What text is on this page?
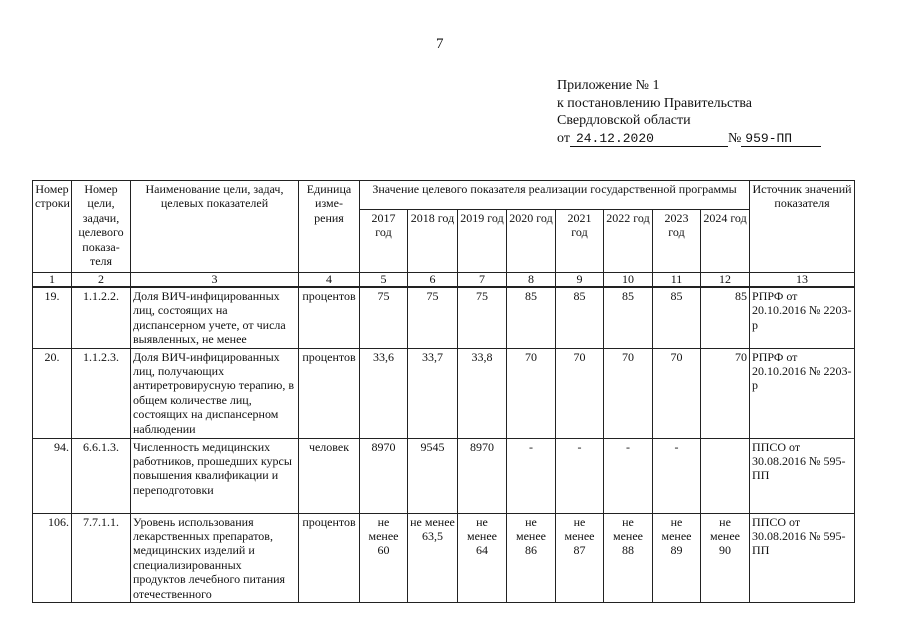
7
Приложение № 1
к постановлению Правительства
Свердловской области
от 24.12.2020	№ 959-ПП
Номер строки	Номер цели, задачи, целевого показа-теля	Наименование цели, задач, целевых показателей	Единица изме-рения	Значение целевого показателя реализации государственной программы								Источник значений показателя
				2017 год	2018 год	2019 год	2020 год	2021 год	2022 год	2023 год	2024 год	
1	2	3	4	5	6	7	8	9	10	11	12	13
19.	1.1.2.2.	Доля ВИЧ-инфицированных лиц, состоящих на диспансерном учете, от числа выявленных, не менее	процентов	75	75	75	85	85	85	85	85	РПРФ от 20.10.2016 № 2203-р
20.	1.1.2.3.	Доля ВИЧ-инфицированных лиц, получающих антиретровирусную терапию, в общем количестве лиц, состоящих на диспансерном наблюдении	процентов	33,6	33,7	33,8	70	70	70	70	70	РПРФ от 20.10.2016 № 2203-р
94.	6.6.1.3.	Численность медицинских работников, прошедших курсы повышения квалификации и переподготовки	человек	8970	9545	8970	-	-	-	-		ППСО от 30.08.2016 № 595-ПП
106.	7.7.1.1.	Уровень использования лекарственных препаратов, медицинских изделий и специализированных продуктов лечебного питания отечественного	процентов	не менее 60	не менее 63,5	не менее 64	не менее 86	не менее 87	не менее 88	не менее 89	не менее 90	ППСО от 30.08.2016 № 595-ПП
